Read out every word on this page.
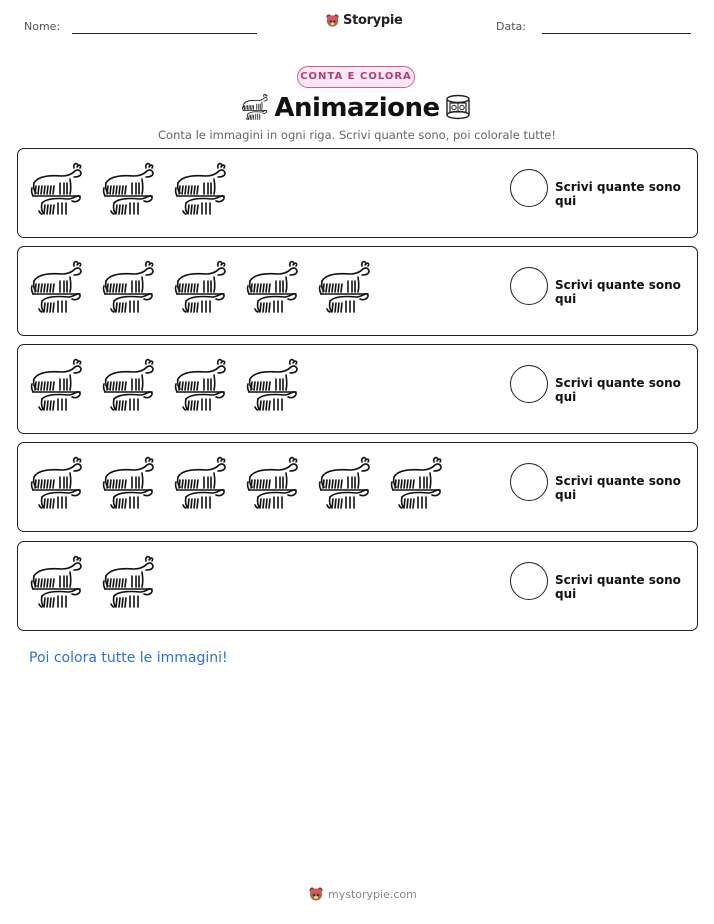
Nome:	Storypie	Data:
CONTA E COLORA
Animazione
Conta le immagini in ogni riga. Scrivi quante sono, poi colorale tutte!
Scrivi quante sono qui
Scrivi quante sono qui
Scrivi quante sono qui
Scrivi quante sono qui
Scrivi quante sono qui
Poi colora tutte le immagini!
mystorypie.com
